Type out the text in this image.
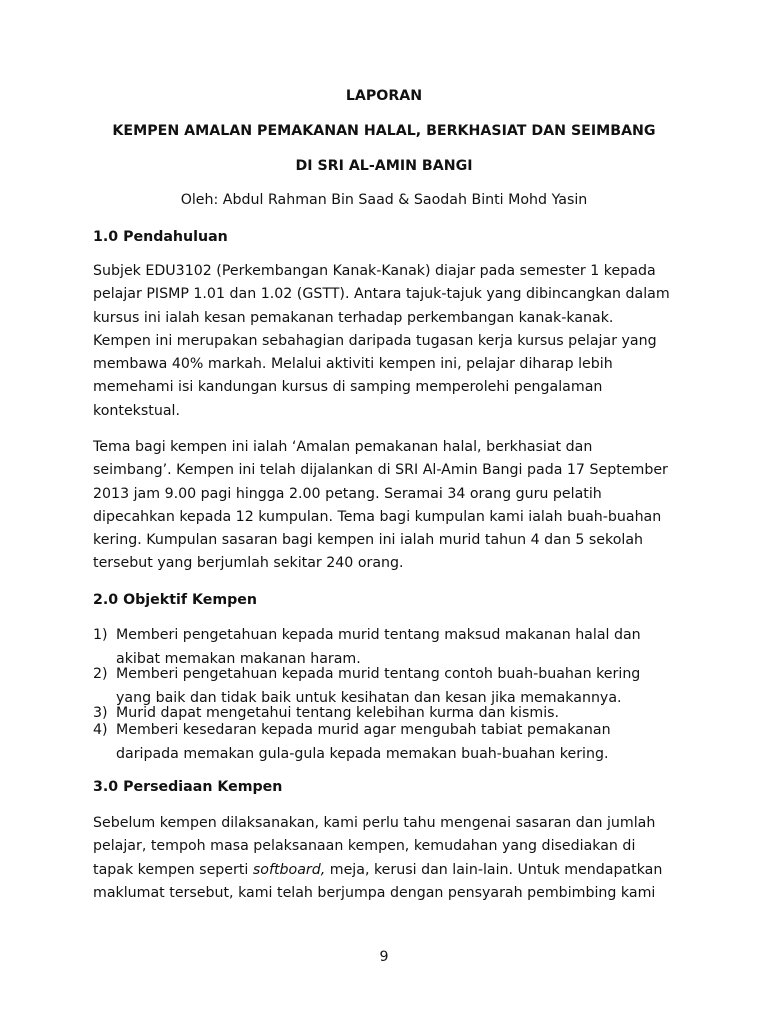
LAPORAN
KEMPEN AMALAN PEMAKANAN HALAL, BERKHASIAT DAN SEIMBANG
DI SRI AL-AMIN BANGI
Oleh: Abdul Rahman Bin Saad & Saodah Binti Mohd Yasin
1.0 Pendahuluan
Subjek EDU3102 (Perkembangan Kanak-Kanak) diajar pada semester 1 kepada
pelajar PISMP 1.01 dan 1.02 (GSTT). Antara tajuk-tajuk yang dibincangkan dalam
kursus ini ialah kesan pemakanan terhadap perkembangan kanak-kanak.
Kempen ini merupakan sebahagian daripada tugasan kerja kursus pelajar yang
membawa 40% markah. Melalui aktiviti kempen ini, pelajar diharap lebih
memehami isi kandungan kursus di samping memperolehi pengalaman
kontekstual.
Tema bagi kempen ini ialah ‘Amalan pemakanan halal, berkhasiat dan
seimbang’. Kempen ini telah dijalankan di SRI Al-Amin Bangi pada 17 September
2013 jam 9.00 pagi hingga 2.00 petang. Seramai 34 orang guru pelatih
dipecahkan kepada 12 kumpulan. Tema bagi kumpulan kami ialah buah-buahan
kering. Kumpulan sasaran bagi kempen ini ialah murid tahun 4 dan 5 sekolah
tersebut yang berjumlah sekitar 240 orang.
2.0 Objektif Kempen
1) Memberi pengetahuan kepada murid tentang maksud makanan halal dan
akibat memakan makanan haram.
2) Memberi pengetahuan kepada murid tentang contoh buah-buahan kering
yang baik dan tidak baik untuk kesihatan dan kesan jika memakannya.
3) Murid dapat mengetahui tentang kelebihan kurma dan kismis.
4) Memberi kesedaran kepada murid agar mengubah tabiat pemakanan
daripada memakan gula-gula kepada memakan buah-buahan kering.
3.0 Persediaan Kempen
Sebelum kempen dilaksanakan, kami perlu tahu mengenai sasaran dan jumlah
pelajar, tempoh masa pelaksanaan kempen, kemudahan yang disediakan di
tapak kempen seperti softboard, meja, kerusi dan lain-lain. Untuk mendapatkan
maklumat tersebut, kami telah berjumpa dengan pensyarah pembimbing kami
9
